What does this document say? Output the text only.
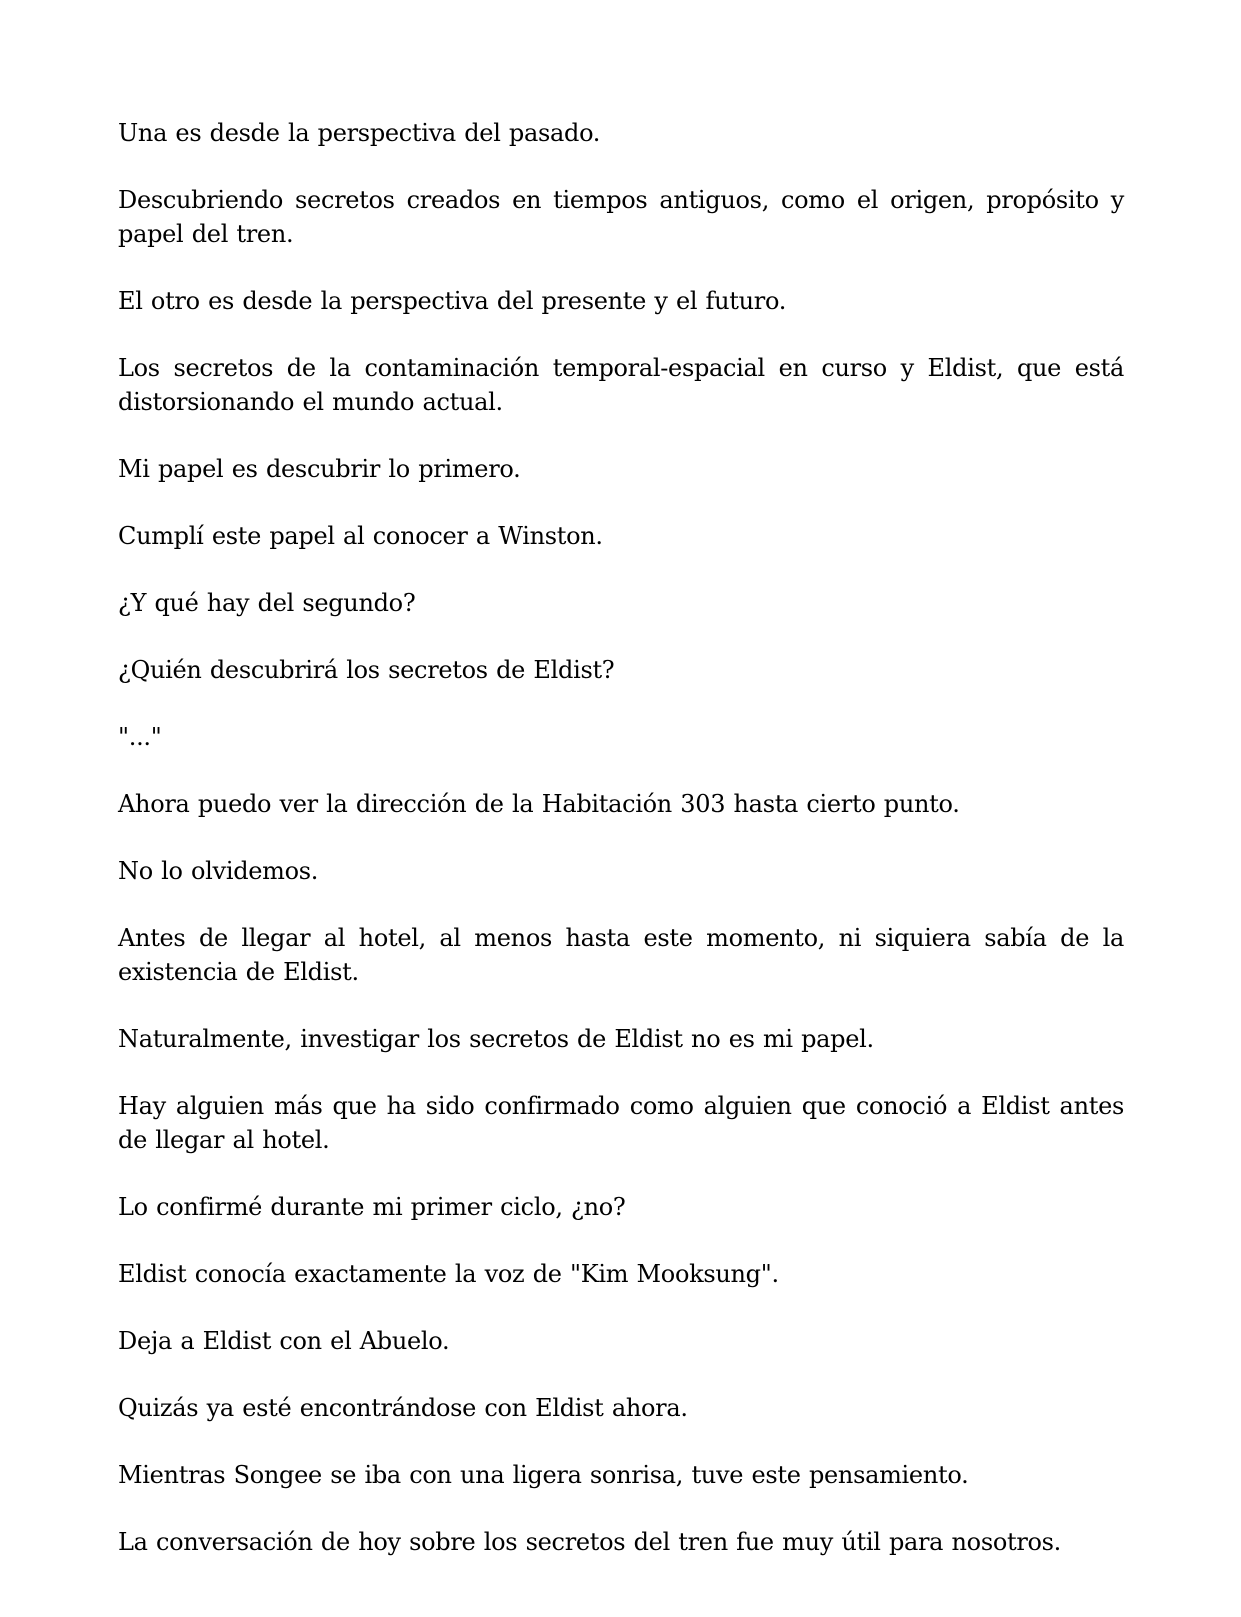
Una es desde la perspectiva del pasado.

Descubriendo secretos creados en tiempos antiguos, como el origen, propósito y papel del tren.

El otro es desde la perspectiva del presente y el futuro.

Los secretos de la contaminación temporal-espacial en curso y Eldist, que está distorsionando el mundo actual.

Mi papel es descubrir lo primero.

Cumplí este papel al conocer a Winston.

¿Y qué hay del segundo?

¿Quién descubrirá los secretos de Eldist?

"..."

Ahora puedo ver la dirección de la Habitación 303 hasta cierto punto.

No lo olvidemos.

Antes de llegar al hotel, al menos hasta este momento, ni siquiera sabía de la existencia de Eldist.

Naturalmente, investigar los secretos de Eldist no es mi papel.

Hay alguien más que ha sido confirmado como alguien que conoció a Eldist antes de llegar al hotel.

Lo confirmé durante mi primer ciclo, ¿no?

Eldist conocía exactamente la voz de "Kim Mooksung".

Deja a Eldist con el Abuelo.

Quizás ya esté encontrándose con Eldist ahora.

Mientras Songee se iba con una ligera sonrisa, tuve este pensamiento.

La conversación de hoy sobre los secretos del tren fue muy útil para nosotros.
